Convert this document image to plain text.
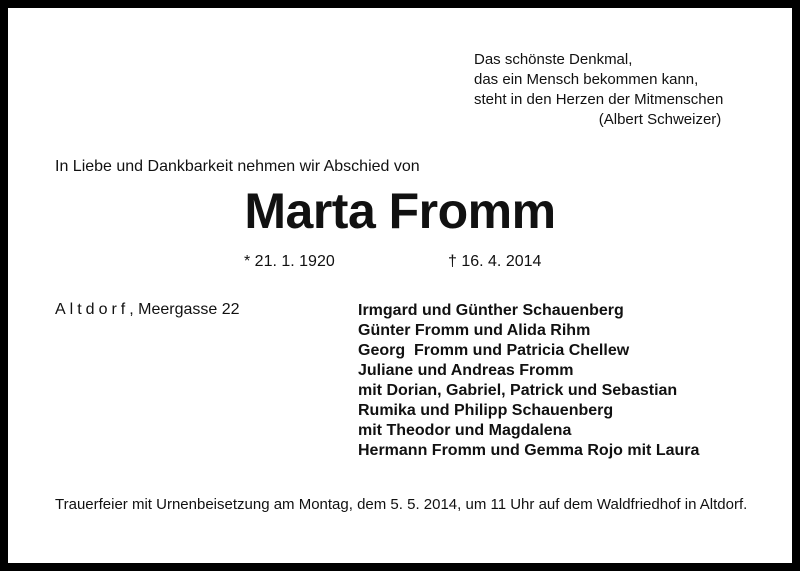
Das schönste Denkmal,
das ein Mensch bekommen kann,
steht in den Herzen der Mitmenschen
(Albert Schweizer)
In Liebe und Dankbarkeit nehmen wir Abschied von
Marta Fromm
* 21. 1. 1920	† 16. 4. 2014
Altdorf, Meergasse 22	Irmgard und Günther Schauenberg
Günter Fromm und Alida Rihm
Georg  Fromm und Patricia Chellew
Juliane und Andreas Fromm
mit Dorian, Gabriel, Patrick und Sebastian
Rumika und Philipp Schauenberg
mit Theodor und Magdalena
Hermann Fromm und Gemma Rojo mit Laura
Trauerfeier mit Urnenbeisetzung am Montag, dem 5. 5. 2014, um 11 Uhr auf dem Waldfriedhof in Altdorf.
